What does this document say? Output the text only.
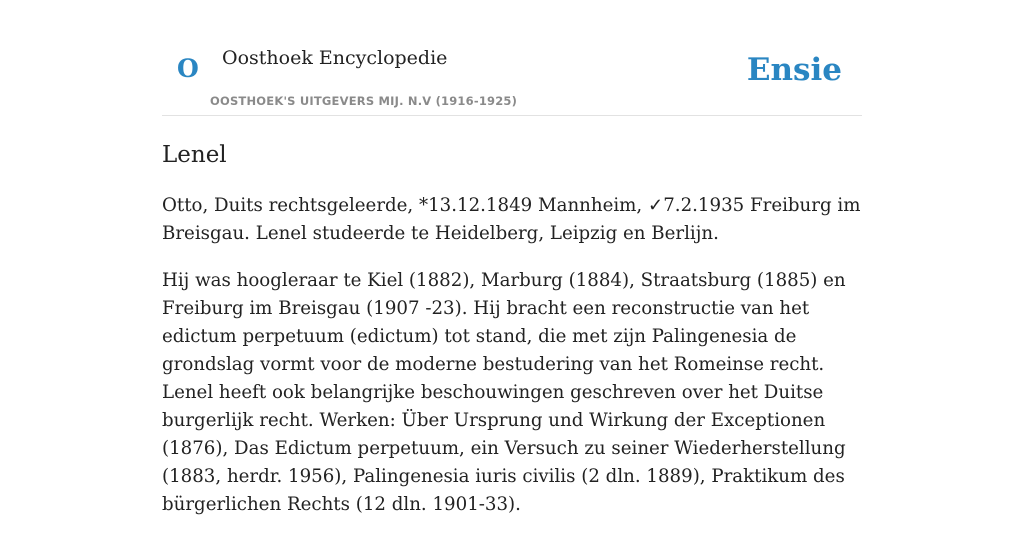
O Oosthoek Encyclopedie
OOSTHOEK'S UITGEVERS MIJ. N.V (1916-1925)
Ensie
Lenel

Otto, Duits rechtsgeleerde, *13.12.1849 Mannheim, ✓7.2.1935 Freiburg im Breisgau. Lenel studeerde te Heidelberg, Leipzig en Berlijn.

Hij was hoogleraar te Kiel (1882), Marburg (1884), Straatsburg (1885) en Freiburg im Breisgau (1907 -23). Hij bracht een reconstructie van het edictum perpetuum (edictum) tot stand, die met zijn Palingenesia de grondslag vormt voor de moderne bestudering van het Romeinse recht. Lenel heeft ook belangrijke beschouwingen geschreven over het Duitse burgerlijk recht. Werken: Über Ursprung und Wirkung der Exceptionen (1876), Das Edictum perpetuum, ein Versuch zu seiner Wiederherstellung (1883, herdr. 1956), Palingenesia iuris civilis (2 dln. 1889), Praktikum des bürgerlichen Rechts (12 dln. 1901-33).
